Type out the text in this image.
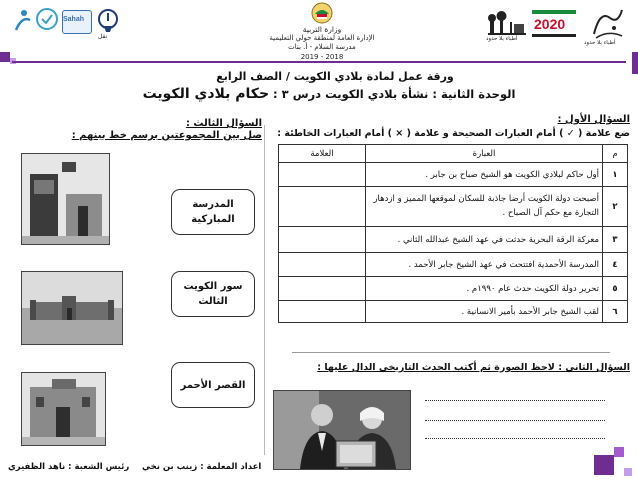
أطباء بلا حدود
2020
أطباء بلا حدود
وزارة التربية
الإدارة العامة لمنطقة حولي التعليمية
مدرسة السلام - أ. بنات
2019 - 2018
نقل
Sahah
ورقة عمل لمادة بلادي الكويت / الصف الرابع
الوحدة الثانية : نشأة بلادي الكويت درس ٣ : حكام بلادي الكويت
السؤال الأول :
ضع علامة ( ✓ ) أمام العبارات الصحيحة و علامة ( × ) أمام العبارات الخاطئة :
م	العبارة	العلامة
١	أول حاكم لبلادي الكويت هو الشيخ صباح بن جابر .	
٢	أصبحت دولة الكويت أرضا جاذبة للسكان لموقعها المميز و ازدهار التجارة مع حكم آل الصباح .	
٣	معركة الرقة البحرية حدثت في عهد الشيخ عبدالله الثاني .	
٤	المدرسة الأحمدية افتتحت في عهد الشيخ جابر الأحمد .	
٥	تحرير دولة الكويت حدث عام ١٩٩٠م .	
٦	لقب الشيخ جابر الأحمد بأمير الانسانية .	
السؤال الثاني : لاحظ الصورة ثم أكتب الحدث التاريخي الدال عليها :
السؤال الثالث :
صل بين المجموعتين برسم خط بينهم :
المدرسة المباركية
سور الكويت الثالث
القصر الأحمر
اعداد المعلمة : زينب بن نخي
رئيس الشعبة : ناهد الظفيري
